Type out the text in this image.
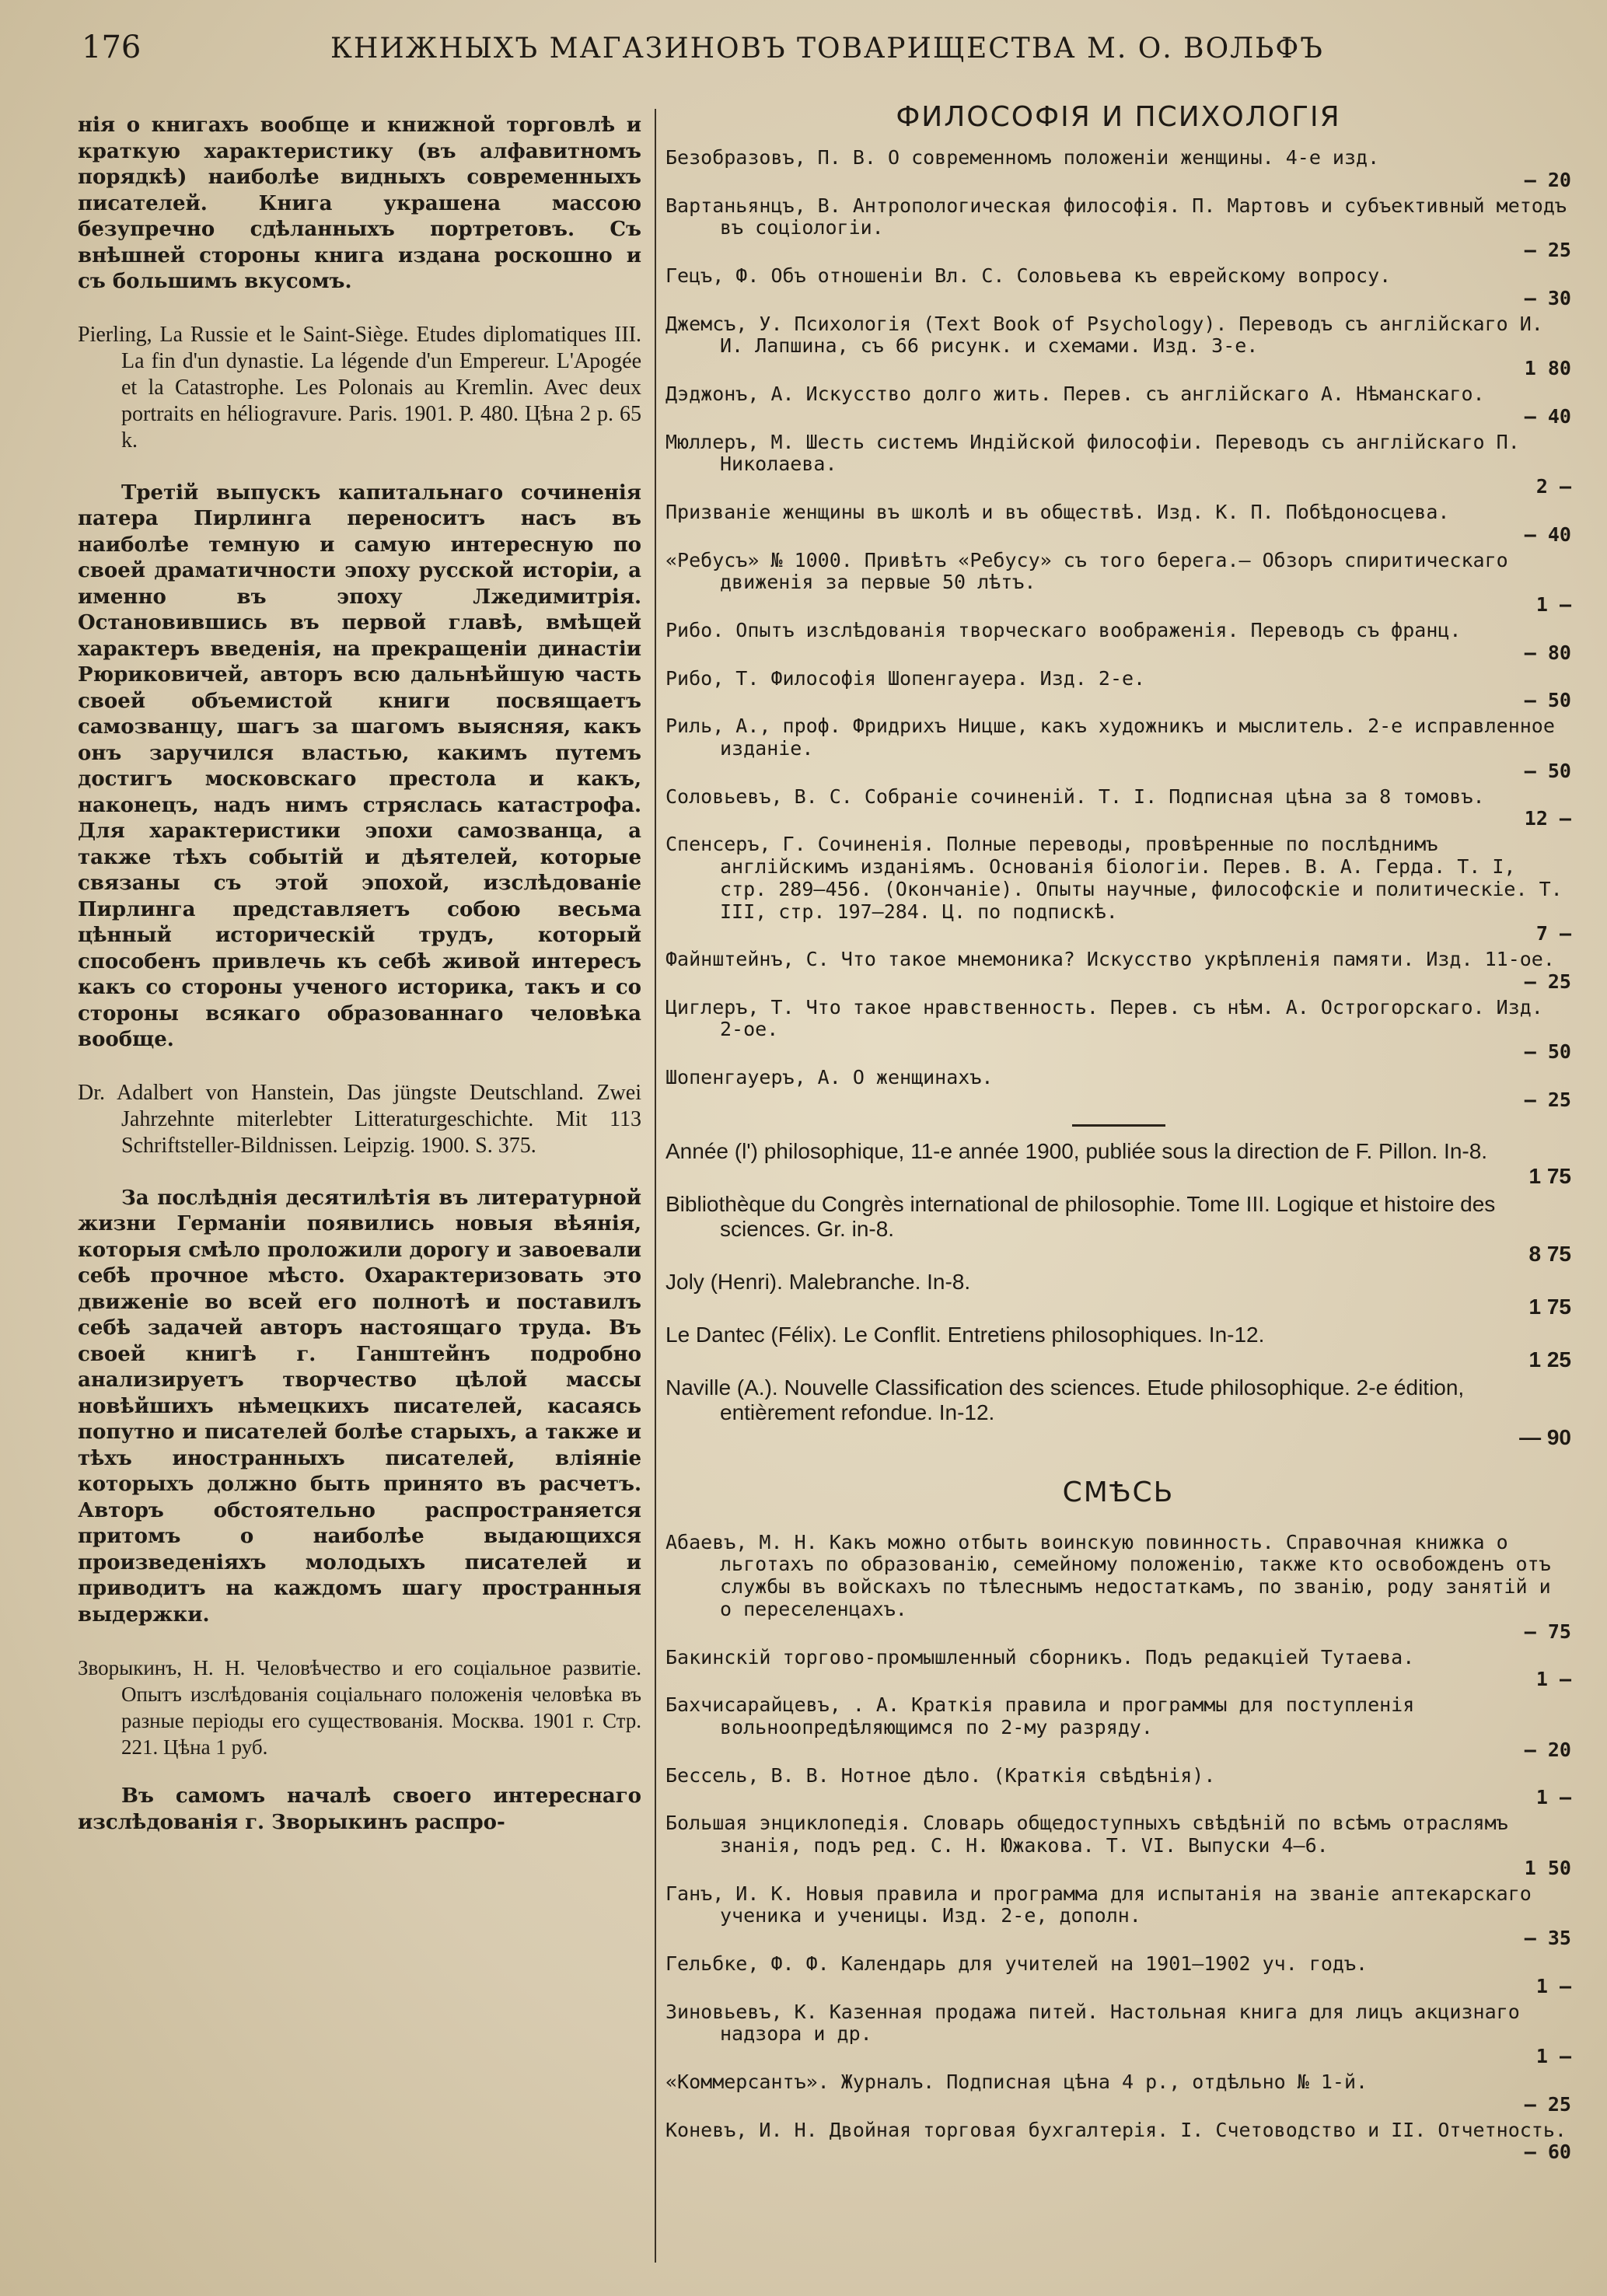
176	КНИЖНЫХЪ МАГАЗИНОВЪ ТОВАРИЩЕСТВА М. О. ВОЛЬФЪ

нія о книгахъ вообще и книжной торговлѣ и краткую характеристику (въ алфавитномъ порядкѣ) наиболѣе видныхъ современныхъ писателей. Книга украшена массою безупречно сдѣланныхъ портретовъ. Съ внѣшней стороны книга издана роскошно и съ большимъ вкусомъ.

Pierling, La Russie et le Saint-Siège. Etudes diplomatiques III. La fin d'un dynastie. La légende d'un Empereur. L'Apogée et la Catastrophe. Les Polonais au Kremlin. Avec deux portraits en héliogravure. Paris. 1901. P. 480. Цѣна 2 р. 65 k.

Третій выпускъ капитальнаго сочиненія патера Пирлинга переноситъ насъ въ наиболѣе темную и самую интересную по своей драматичности эпоху русской исторіи, а именно въ эпоху Лжедимитрія. Остановившись въ первой главѣ, вмѣщей характеръ введенія, на прекращеніи династіи Рюриковичей, авторъ всю дальнѣйшую часть своей объемистой книги посвящаетъ самозванцу, шагъ за шагомъ выясняя, какъ онъ заручился властью, какимъ путемъ достигъ московскаго престола и какъ, наконецъ, надъ нимъ стряслась катастрофа. Для характеристики эпохи самозванца, а также тѣхъ событій и дѣятелей, которые связаны съ этой эпохой, изслѣдованіе Пирлинга представляетъ собою весьма цѣнный историческій трудъ, который способенъ привлечь къ себѣ живой интересъ какъ со стороны ученого историка, такъ и со стороны всякаго образованнаго человѣка вообще.

Dr. Adalbert von Hanstein, Das jüngste Deutschland. Zwei Jahrzehnte miterlebter Litteraturgeschichte. Mit 113 Schriftsteller-Bildnissen. Leipzig. 1900. S. 375.

За послѣднія десятилѣтія въ литературной жизни Германіи появились новыя вѣянія, которыя смѣло проложили дорогу и завоевали себѣ прочное мѣсто. Охарактеризовать это движеніе во всей его полнотѣ и поставилъ себѣ задачей авторъ настоящаго труда. Въ своей книгѣ г. Ганштейнъ подробно анализируетъ творчество цѣлой массы новѣйшихъ нѣмецкихъ писателей, касаясь попутно и писателей болѣе старыхъ, а также и тѣхъ иностранныхъ писателей, вліяніе которыхъ должно быть принято въ расчетъ. Авторъ обстоятельно распространяется притомъ о наиболѣе выдающихся произведеніяхъ молодыхъ писателей и приводитъ на каждомъ шагу пространныя выдержки.

Зворыкинъ, Н. Н. Человѣчество и его соціальное развитіе. Опытъ изслѣдованія соціальнаго положенія человѣка въ разные періоды его существованія. Москва. 1901 г. Стр. 221. Цѣна 1 руб.

Въ самомъ началѣ своего интереснаго изслѣдованія г. Зворыкинъ распро-

ФИЛОСОФІЯ И ПСИХОЛОГІЯ
Безобразовъ, П. В. О современномъ положеніи женщины. 4-е изд.
— 20
Вартаньянцъ, В. Антропологическая философія. П. Мартовъ и субъективный методъ въ соціологіи.
— 25
Гецъ, Ф. Объ отношеніи Вл. С. Соловьева къ еврейскому вопросу.
— 30
Джемсъ, У. Психологія (Text Book of Psychology). Переводъ съ англійскаго И. И. Лапшина, съ 66 рисунк. и схемами. Изд. 3-е.
1 80
Дэджонъ, А. Искусство долго жить. Перев. съ англійскаго А. Нѣманскаго.
— 40
Мюллеръ, М. Шесть системъ Индійской философіи. Переводъ съ англійскаго П. Николаева.
2 —
Призваніе женщины въ школѣ и въ обществѣ. Изд. К. П. Побѣдоносцева.
— 40
«Ребусъ» № 1000. Привѣтъ «Ребусу» съ того берега.— Обзоръ спиритическаго движенія за первые 50 лѣтъ.
1 —
Рибо. Опытъ изслѣдованія творческаго воображенія. Переводъ съ франц.
— 80
Рибо, Т. Философія Шопенгауера. Изд. 2-е.
— 50
Риль, А., проф. Фридрихъ Ницше, какъ художникъ и мыслитель. 2-е исправленное изданіе.
— 50
Соловьевъ, В. С. Собраніе сочиненій. Т. I. Подписная цѣна за 8 томовъ.
12 —
Спенсеръ, Г. Сочиненія. Полные переводы, провѣренные по послѣднимъ англійскимъ изданіямъ. Основанія біологіи. Перев. В. А. Герда. Т. I, стр. 289—456. (Окончаніе). Опыты научные, философскіе и политическіе. Т. III, стр. 197—284. Ц. по подпискѣ.
7 —
Файнштейнъ, С. Что такое мнемоника? Искусство укрѣпленія памяти. Изд. 11-ое.
— 25
Циглеръ, Т. Что такое нравственность. Перев. съ нѣм. А. Острогорскаго. Изд. 2-ое.
— 50
Шопенгауеръ, А. О женщинахъ.
— 25
Année (l') philosophique, 11-e année 1900, publiée sous la direction de F. Pillon. In-8.
1 75
Bibliothèque du Congrès international de philosophie. Tome III. Logique et histoire des sciences. Gr. in-8.
8 75
Joly (Henri). Malebranche. In-8.
1 75
Le Dantec (Félix). Le Conflit. Entretiens philosophiques. In-12.
1 25
Naville (A.). Nouvelle Classification des sciences. Etude philosophique. 2-e édition, entièrement refondue. In-12.
— 90
СМѢСЬ
Абаевъ, М. Н. Какъ можно отбыть воинскую повинность. Справочная книжка о льготахъ по образованію, семейному положенію, также кто освобожденъ отъ службы въ войскахъ по тѣлеснымъ недостаткамъ, по званію, роду занятій и о переселенцахъ.
— 75
Бакинскій торгово-промышленный сборникъ. Подъ редакціей Тутаева.
1 —
Бахчисарайцевъ, . А. Краткія правила и программы для поступленія вольноопредѣляющимся по 2-му разряду.
— 20
Бессель, В. В. Нотное дѣло. (Краткія свѣдѣнія).
1 —
Большая энциклопедія. Словарь общедоступныхъ свѣдѣній по всѣмъ отраслямъ знанія, подъ ред. С. Н. Южакова. Т. VI. Выпуски 4—6.
1 50
Ганъ, И. К. Новыя правила и программа для испытанія на званіе аптекарскаго ученика и ученицы. Изд. 2-е, дополн.
— 35
Гельбке, Ф. Ф. Календарь для учителей на 1901—1902 уч. годъ.
1 —
Зиновьевъ, К. Казенная продажа питей. Настольная книга для лицъ акцизнаго надзора и др.
1 —
«Коммерсантъ». Журналъ. Подписная цѣна 4 р., отдѣльно № 1-й.
— 25
Коневъ, И. Н. Двойная торговая бухгалтерія. I. Счетоводство и II. Отчетность.
— 60
